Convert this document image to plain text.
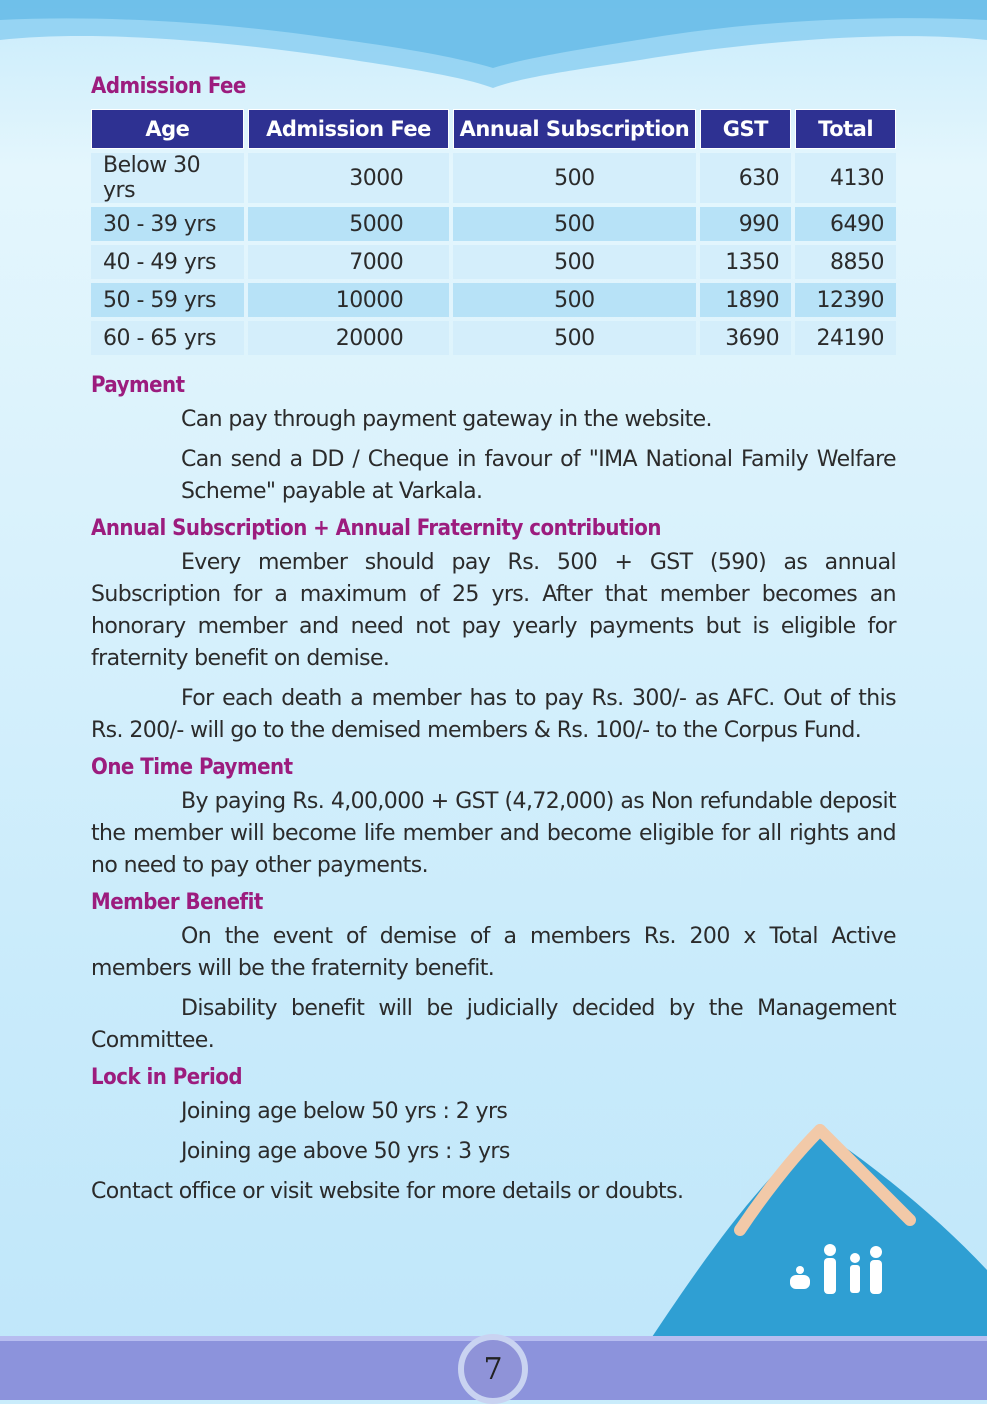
Admission Fee
Age	Admission Fee	Annual Subscription	GST	Total
Below 30 yrs	3000	500	630	4130
30 - 39 yrs	5000	500	990	6490
40 - 49 yrs	7000	500	1350	8850
50 - 59 yrs	10000	500	1890	12390
60 - 65 yrs	20000	500	3690	24190
Payment

Can pay through payment gateway in the website.

Can send a DD / Cheque in favour of "IMA National Family Welfare Scheme" payable at Varkala.

Annual Subscription + Annual Fraternity contribution

Every member should pay Rs. 500 + GST (590) as annual Subscription for a maximum of 25 yrs. After that member becomes an honorary member and need not pay yearly payments but is eligible for fraternity benefit on demise.

For each death a member has to pay Rs. 300/- as AFC. Out of this Rs. 200/- will go to the demised members & Rs. 100/- to the Corpus Fund.

One Time Payment

By paying Rs. 4,00,000 + GST (4,72,000) as Non refundable deposit the member will become life member and become eligible for all rights and no need to pay other payments.

Member Benefit

On the event of demise of a members Rs. 200 x Total Active members will be the fraternity benefit.

Disability benefit will be judicially decided by the Management Committee.

Lock in Period

Joining age below 50 yrs : 2 yrs

Joining age above 50 yrs : 3 yrs

Contact office or visit website for more details or doubts.

7
